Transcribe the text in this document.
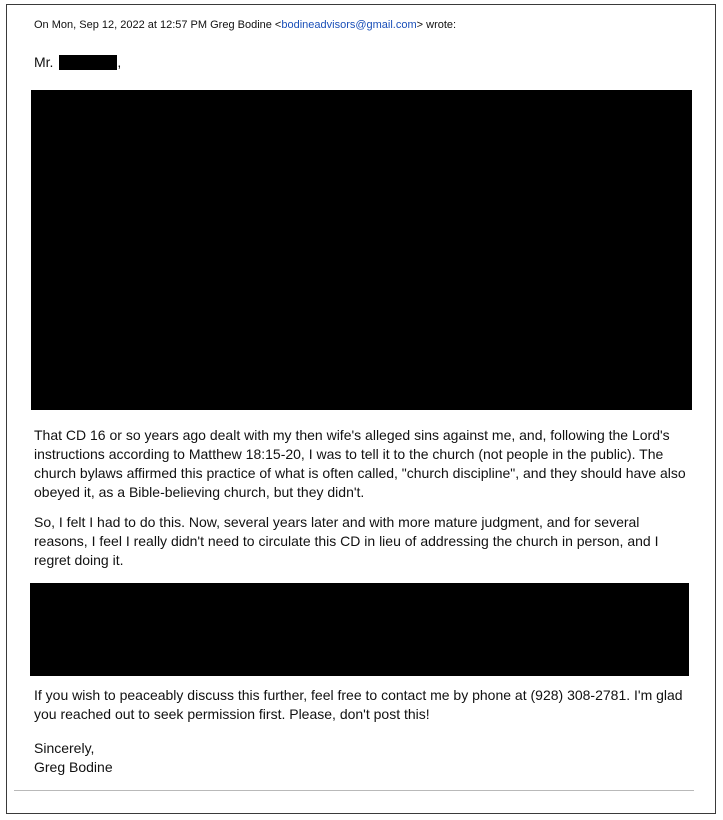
On Mon, Sep 12, 2022 at 12:57 PM Greg Bodine <bodineadvisors@gmail.com> wrote:
Mr.	,

That CD 16 or so years ago dealt with my then wife's alleged sins against me, and, following the Lord's instructions according to Matthew 18:15-20, I was to tell it to the church (not people in the public). The church bylaws affirmed this practice of what is often called, "church discipline", and they should have also obeyed it, as a Bible-believing church, but they didn't.

So, I felt I had to do this. Now, several years later and with more mature judgment, and for several reasons, I feel I really didn't need to circulate this CD in lieu of addressing the church in person, and I regret doing it.

If you wish to peaceably discuss this further, feel free to contact me by phone at (928) 308-2781. I'm glad you reached out to seek permission first. Please, don't post this!

Sincerely,
Greg Bodine
